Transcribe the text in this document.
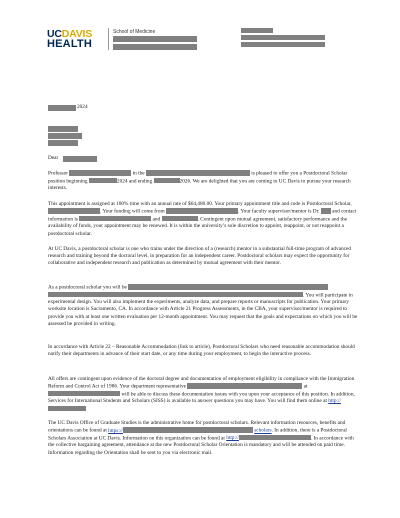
UCDAVIS
HEALTH
School of Medicine
2024
Dear
Professor	in the	is pleased to offer you a Postdoctoral Scholar position beginning	2024 and ending	2026. We are delighted that you are coming to UC Davis to pursue your research interests.
This appointment is assigned at 100% time with an annual rate of $64,480.00. Your primary appointment title and code is Postdoctoral Scholar, . Your funding will come from	. Your faculty supervisor/mentor is Dr. and contact information is	and	. Contingent upon mutual agreement, satisfactory performance and the availability of funds, your appointment may be renewed. It is within the university’s sole discretion to appoint, reappoint, or not reappoint a postdoctoral scholar.
At UC Davis, a postdoctoral scholar is one who trains under the direction of a (research) mentor in a substantial full-time program of advanced research and training beyond the doctoral level, in preparation for an independent career. Postdoctoral scholars may expect the opportunity for collaborative and independent research and publication as determined by mutual agreement with their mentor.
As a postdoctoral scholar you will be  . You will participate in experimental design. You will also implement the experiments, analyze data, and prepare reports or manuscripts for publication. Your primary worksite location is Sacramento, CA. In accordance with Article 21 Progress Assessments, in the CBA, your supervisor/mentor is required to provide you with at least one written evaluation per 12-month appointment. You may request that the goals and expectations on which you will be assessed be provided in writing.
In accordance with Article 22 – Reasonable Accommodation (link to article), Postdoctoral Scholars who need reasonable accommodation should notify their departments in advance of their start date, or any time during your employment, to begin the interactive process.
All offers are contingent upon evidence of the doctoral degree and documentation of employment eligibility in compliance with the Immigration Reform and Control Act of 1986. Your department representative	at  will be able to discuss these documentation issues with you upon your acceptance of this position. In addition, Services for International Students and Scholars (SISS) is available to answer questions you may have. You will find them online at http://
The UC Davis Office of Graduate Studies is the administrative home for postdoctoral scholars. Relevant information resources, benefits and orientations can be found at https://	scholars. In addition, there is a Postdoctoral Scholars Association at UC Davis. Information on this organization can be found at http://	. In accordance with the collective bargaining agreement, attendance at the new Postdoctoral Scholar Orientation is mandatory and will be attended on paid time. Information regarding the Orientation shall be sent to you via electronic mail.
